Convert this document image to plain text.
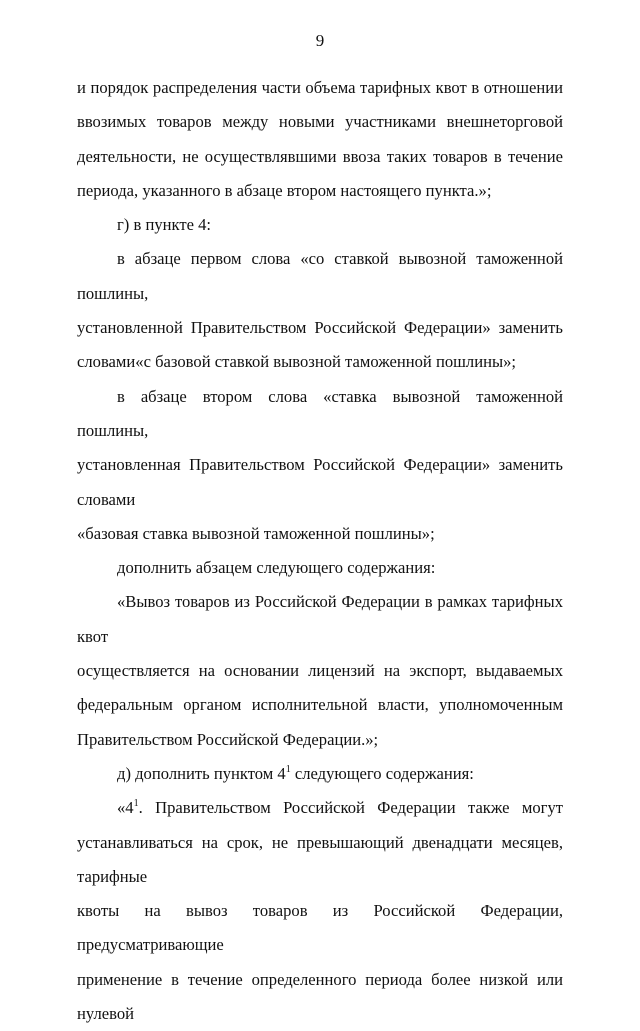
9
и порядок распределения части объема тарифных квот в отношении
ввозимых товаров между новыми участниками внешнеторговой
деятельности, не осуществлявшими ввоза таких товаров в течение
периода, указанного в абзаце втором настоящего пункта.»;
г) в пункте 4:
в абзаце первом слова «со ставкой вывозной таможенной пошлины,
установленной Правительством Российской Федерации» заменить
словами«с базовой ставкой вывозной таможенной пошлины»;
в абзаце втором слова «ставка вывозной таможенной пошлины,
установленная Правительством Российской Федерации» заменить словами
«базовая ставка вывозной таможенной пошлины»;
дополнить абзацем следующего содержания:
«Вывоз товаров из Российской Федерации в рамках тарифных квот
осуществляется на основании лицензий на экспорт, выдаваемых
федеральным органом исполнительной власти, уполномоченным
Правительством Российской Федерации.»;
д) дополнить пунктом $4^1$ следующего содержания:
«$4^1$. Правительством Российской Федерации также могут
устанавливаться на срок, не превышающий двенадцати месяцев, тарифные
квоты на вывоз товаров из Российской Федерации, предусматривающие
применение в течение определенного периода более низкой или нулевой
